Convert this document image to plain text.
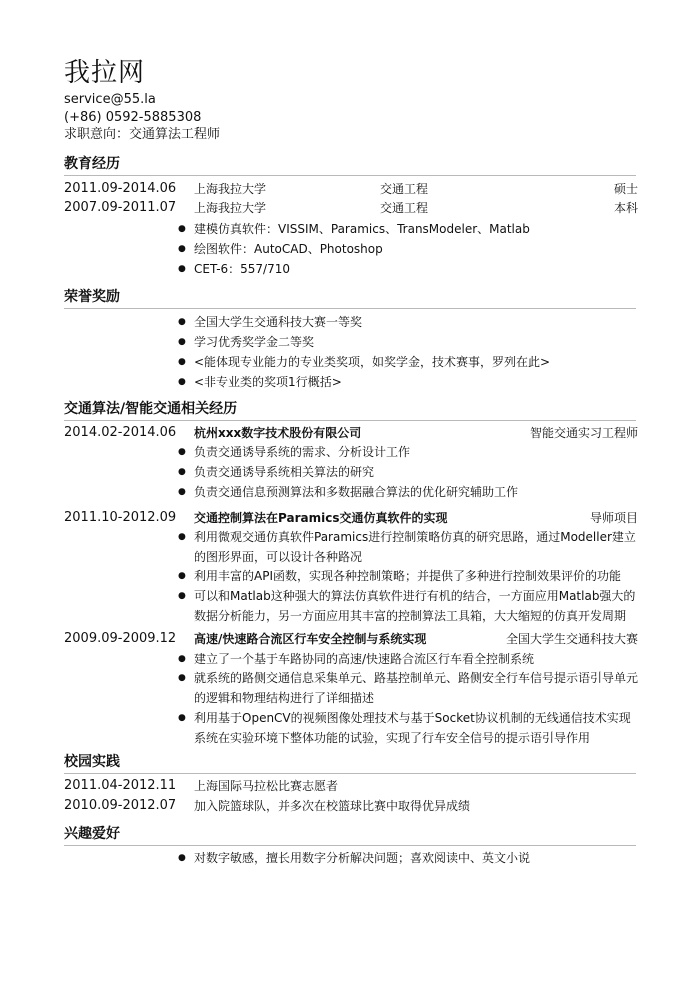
我拉网
service@55.la
(+86) 0592-5885308
求职意向：交通算法工程师
教育经历
2011.09-2014.06 上海我拉大学	交通工程	硕士
2007.09-2011.07 上海我拉大学	交通工程	本科
● 建模仿真软件：VISSIM、Paramics、TransModeler、Matlab
● 绘图软件：AutoCAD、Photoshop
● CET-6：557/710
荣誉奖励
● 全国大学生交通科技大赛一等奖
● 学习优秀奖学金二等奖
● <能体现专业能力的专业类奖项，如奖学金，技术赛事，罗列在此>
● <非专业类的奖项1行概括>
交通算法/智能交通相关经历
2014.02-2014.06 杭州xxx数字技术股份有限公司	智能交通实习工程师
● 负责交通诱导系统的需求、分析设计工作
● 负责交通诱导系统相关算法的研究
● 负责交通信息预测算法和多数据融合算法的优化研究辅助工作
2011.10-2012.09 交通控制算法在Paramics交通仿真软件的实现	导师项目
● 利用微观交通仿真软件Paramics进行控制策略仿真的研究思路，通过Modeller建立的图形界面，可以设计各种路况
● 利用丰富的API函数，实现各种控制策略；并提供了多种进行控制效果评价的功能
● 可以和Matlab这种强大的算法仿真软件进行有机的结合，一方面应用Matlab强大的数据分析能力，另一方面应用其丰富的控制算法工具箱，大大缩短的仿真开发周期
2009.09-2009.12 高速/快速路合流区行车安全控制与系统实现	全国大学生交通科技大赛
● 建立了一个基于车路协同的高速/快速路合流区行车看全控制系统
● 就系统的路侧交通信息采集单元、路基控制单元、路侧安全行车信号提示语引导单元的逻辑和物理结构进行了详细描述
● 利用基于OpenCV的视频图像处理技术与基于Socket协议机制的无线通信技术实现系统在实验环境下整体功能的试验，实现了行车安全信号的提示语引导作用
校园实践
2011.04-2012.11 上海国际马拉松比赛志愿者
2010.09-2012.07 加入院篮球队，并多次在校篮球比赛中取得优异成绩
兴趣爱好
● 对数字敏感，擅长用数字分析解决问题；喜欢阅读中、英文小说
